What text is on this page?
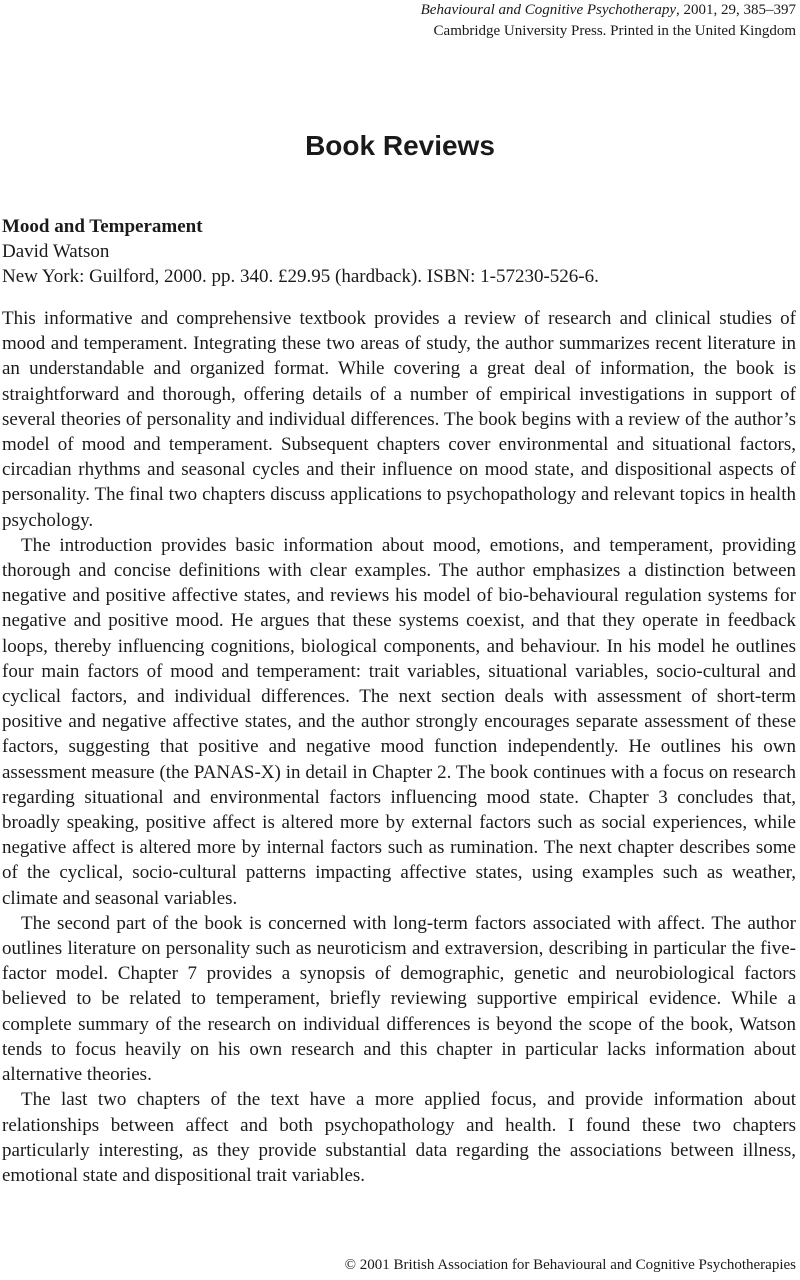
Behavioural and Cognitive Psychotherapy, 2001, 29, 385–397
Cambridge University Press. Printed in the United Kingdom
Book Reviews
Mood and Temperament
David Watson
New York: Guilford, 2000. pp. 340. £29.95 (hardback). ISBN: 1-57230-526-6.

This informative and comprehensive textbook provides a review of research and clinical studies of mood and temperament. Integrating these two areas of study, the author summarizes recent literature in an understandable and organized format. While covering a great deal of information, the book is straightforward and thorough, offering details of a number of empirical investigations in support of several theories of personality and individual differences. The book begins with a review of the author’s model of mood and temperament. Subsequent chapters cover environmental and situational factors, circadian rhythms and seasonal cycles and their influence on mood state, and dispositional aspects of personality. The final two chapters discuss applications to psychopathology and relevant topics in health psychology.

The introduction provides basic information about mood, emotions, and temperament, providing thorough and concise definitions with clear examples. The author emphasizes a distinction between negative and positive affective states, and reviews his model of bio-behavioural regulation systems for negative and positive mood. He argues that these systems coexist, and that they operate in feedback loops, thereby influencing cognitions, biological components, and behaviour. In his model he outlines four main factors of mood and temperament: trait variables, situational variables, socio-cultural and cyclical factors, and individual differences. The next section deals with assessment of short-term positive and negative affective states, and the author strongly encourages separate assessment of these factors, suggesting that positive and negative mood function independently. He outlines his own assessment measure (the PANAS-X) in detail in Chapter 2. The book continues with a focus on research regarding situational and environmental factors influencing mood state. Chapter 3 concludes that, broadly speaking, positive affect is altered more by external factors such as social experiences, while negative affect is altered more by internal factors such as rumination. The next chapter describes some of the cyclical, socio-cultural patterns impacting affective states, using examples such as weather, climate and seasonal variables.

The second part of the book is concerned with long-term factors associated with affect. The author outlines literature on personality such as neuroticism and extraversion, describing in particular the five-factor model. Chapter 7 provides a synopsis of demographic, genetic and neurobiological factors believed to be related to temperament, briefly reviewing supportive empirical evidence. While a complete summary of the research on individual differences is beyond the scope of the book, Watson tends to focus heavily on his own research and this chapter in particular lacks information about alternative theories.

The last two chapters of the text have a more applied focus, and provide information about relationships between affect and both psychopathology and health. I found these two chapters particularly interesting, as they provide substantial data regarding the associations between illness, emotional state and dispositional trait variables.

© 2001 British Association for Behavioural and Cognitive Psychotherapies
